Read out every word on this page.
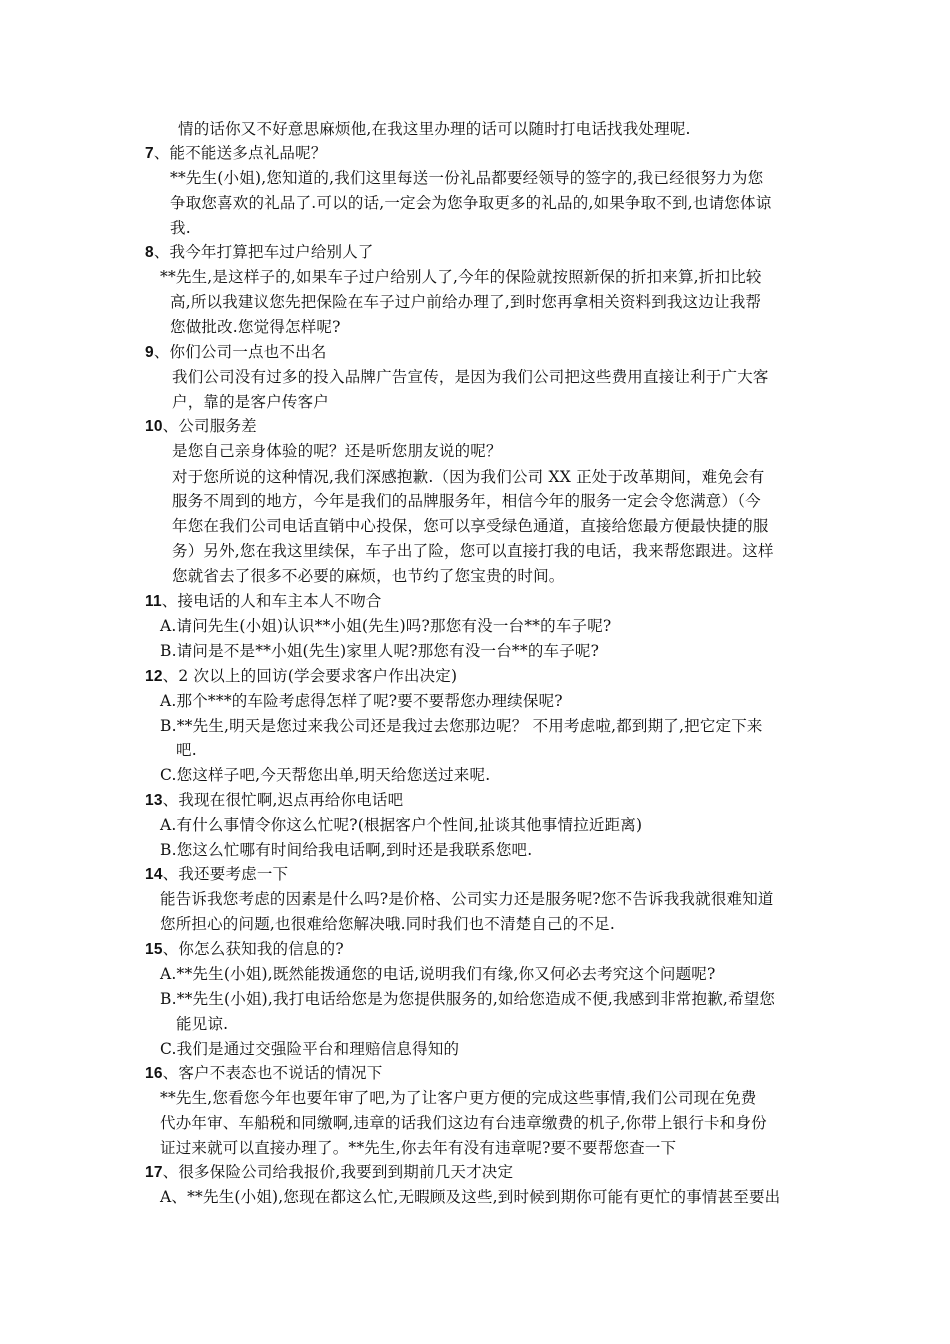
情的话你又不好意思麻烦他,在我这里办理的话可以随时打电话找我处理呢.
7、能不能送多点礼品呢？
**先生(小姐),您知道的,我们这里每送一份礼品都要经领导的签字的,我已经很努力为您
争取您喜欢的礼品了.可以的话,一定会为您争取更多的礼品的,如果争取不到,也请您体谅
我.
8、我今年打算把车过户给别人了
**先生,是这样子的,如果车子过户给别人了,今年的保险就按照新保的折扣来算,折扣比较
高,所以我建议您先把保险在车子过户前给办理了,到时您再拿相关资料到我这边让我帮
您做批改.您觉得怎样呢?
9、你们公司一点也不出名
我们公司没有过多的投入品牌广告宣传，是因为我们公司把这些费用直接让利于广大客
户，靠的是客户传客户
10、公司服务差
是您自己亲身体验的呢？还是听您朋友说的呢？
对于您所说的这种情况,我们深感抱歉.（因为我们公司 XX 正处于改革期间，难免会有
服务不周到的地方，今年是我们的品牌服务年，相信今年的服务一定会令您满意）（今
年您在我们公司电话直销中心投保，您可以享受绿色通道，直接给您最方便最快捷的服
务）另外,您在我这里续保，车子出了险，您可以直接打我的电话，我来帮您跟进。这样
您就省去了很多不必要的麻烦，也节约了您宝贵的时间。
11、接电话的人和车主本人不吻合
A.请问先生(小姐)认识**小姐(先生)吗?那您有没一台**的车子呢?
B.请问是不是**小姐(先生)家里人呢?那您有没一台**的车子呢?
12、2 次以上的回访(学会要求客户作出决定)
A.那个***的车险考虑得怎样了呢?要不要帮您办理续保呢?
B.**先生,明天是您过来我公司还是我过去您那边呢？ 不用考虑啦,都到期了,把它定下来
吧.
C.您这样子吧,今天帮您出单,明天给您送过来呢.
13、我现在很忙啊,迟点再给你电话吧
A.有什么事情令你这么忙呢?(根据客户个性间,扯谈其他事情拉近距离)
B.您这么忙哪有时间给我电话啊,到时还是我联系您吧.
14、我还要考虑一下
能告诉我您考虑的因素是什么吗?是价格、公司实力还是服务呢?您不告诉我我就很难知道
您所担心的问题,也很难给您解决哦.同时我们也不清楚自己的不足.
15、你怎么获知我的信息的?
A.**先生(小姐),既然能拨通您的电话,说明我们有缘,你又何必去考究这个问题呢?
B.**先生(小姐),我打电话给您是为您提供服务的,如给您造成不便,我感到非常抱歉,希望您
能见谅.
C.我们是通过交强险平台和理赔信息得知的
16、客户不表态也不说话的情况下
**先生,您看您今年也要年审了吧,为了让客户更方便的完成这些事情,我们公司现在免费
代办年审、车船税和同缴啊,违章的话我们这边有台违章缴费的机子,你带上银行卡和身份
证过来就可以直接办理了。**先生,你去年有没有违章呢?要不要帮您查一下
17、很多保险公司给我报价,我要到到期前几天才决定
A、**先生(小姐),您现在都这么忙,无暇顾及这些,到时候到期你可能有更忙的事情甚至要出
